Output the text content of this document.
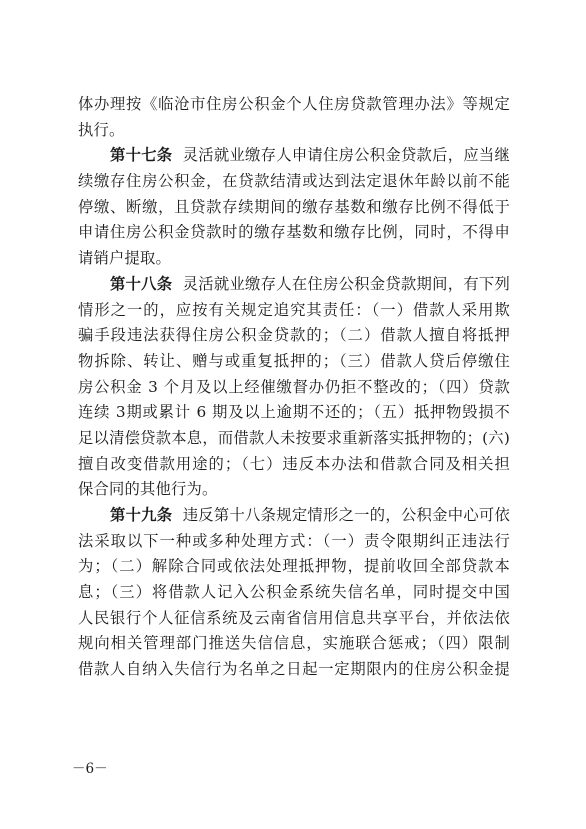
体办理按《临沧市住房公积金个人住房贷款管理办法》等规定
执行。
第十七条 灵活就业缴存人申请住房公积金贷款后，应当继
续缴存住房公积金，在贷款结清或达到法定退休年龄以前不能
停缴、断缴，且贷款存续期间的缴存基数和缴存比例不得低于
申请住房公积金贷款时的缴存基数和缴存比例，同时，不得申
请销户提取。
第十八条 灵活就业缴存人在住房公积金贷款期间，有下列
情形之一的，应按有关规定追究其责任：（一）借款人采用欺
骗手段违法获得住房公积金贷款的；（二）借款人擅自将抵押
物拆除、转让、赠与或重复抵押的；（三）借款人贷后停缴住
房公积金 3 个月及以上经催缴督办仍拒不整改的；（四）贷款
连续 3期或累计 6 期及以上逾期不还的；（五）抵押物毁损不
足以清偿贷款本息，而借款人未按要求重新落实抵押物的；(六)
擅自改变借款用途的；（七）违反本办法和借款合同及相关担
保合同的其他行为。
第十九条 违反第十八条规定情形之一的，公积金中心可依
法采取以下一种或多种处理方式：（一）责令限期纠正违法行
为；（二）解除合同或依法处理抵押物，提前收回全部贷款本
息；（三）将借款人记入公积金系统失信名单，同时提交中国
人民银行个人征信系统及云南省信用信息共享平台，并依法依
规向相关管理部门推送失信信息，实施联合惩戒；（四）限制
借款人自纳入失信行为名单之日起一定期限内的住房公积金提
－6－
